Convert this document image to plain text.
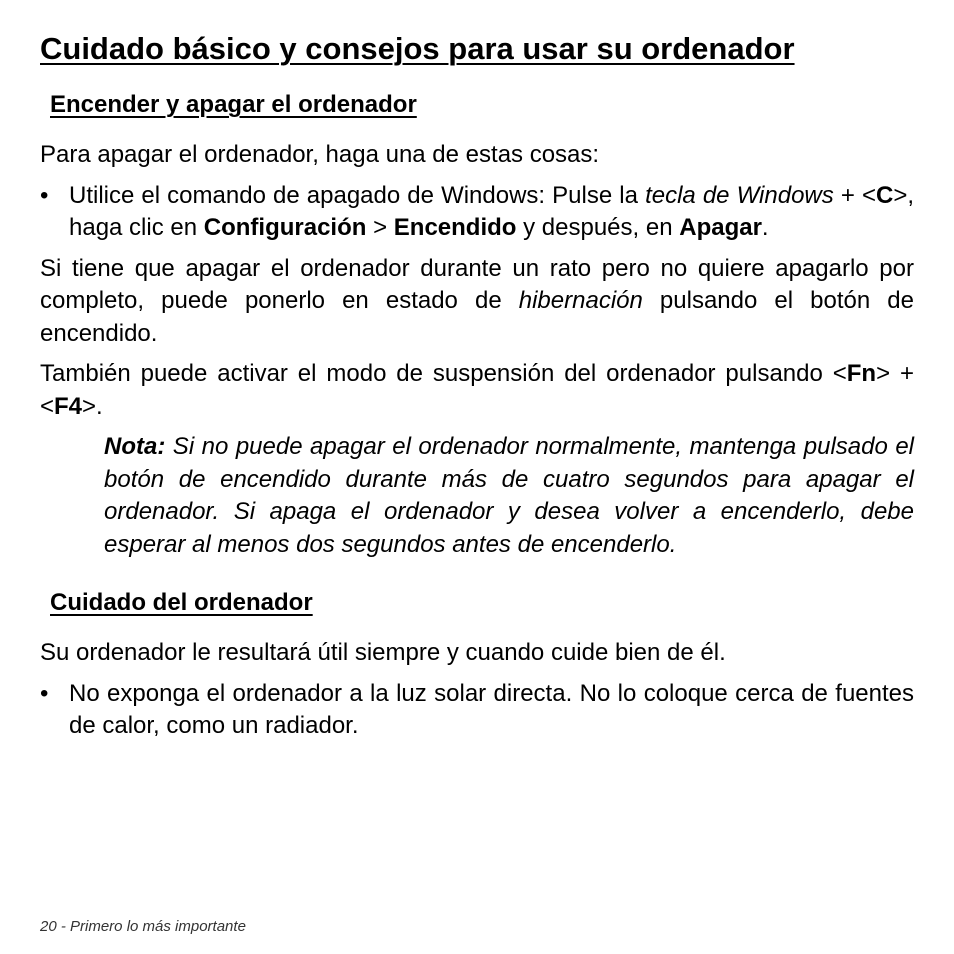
Cuidado básico y consejos para usar su ordenador
Encender y apagar el ordenador

Para apagar el ordenador, haga una de estas cosas:

• Utilice el comando de apagado de Windows: Pulse la tecla de Windows + <C>, haga clic en Configuración > Encendido y después, en Apagar.

Si tiene que apagar el ordenador durante un rato pero no quiere apagarlo por completo, puede ponerlo en estado de hibernación pulsando el botón de encendido.

También puede activar el modo de suspensión del ordenador pulsando <Fn> + <F4>.

Nota: Si no puede apagar el ordenador normalmente, mantenga pulsado el botón de encendido durante más de cuatro segundos para apagar el ordenador. Si apaga el ordenador y desea volver a encenderlo, debe esperar al menos dos segundos antes de encenderlo.

Cuidado del ordenador

Su ordenador le resultará útil siempre y cuando cuide bien de él.

• No exponga el ordenador a la luz solar directa. No lo coloque cerca de fuentes de calor, como un radiador.
20 - Primero lo más importante
